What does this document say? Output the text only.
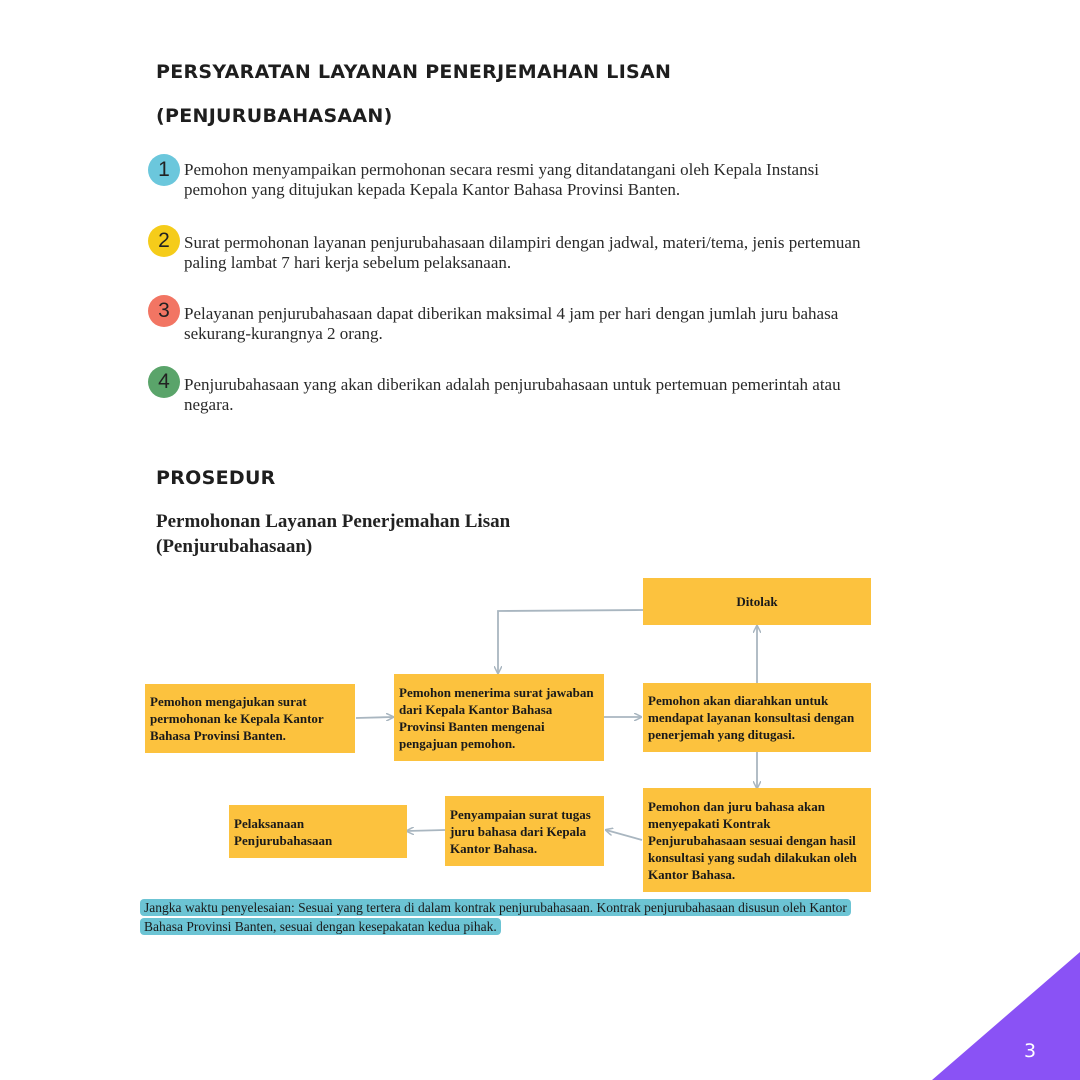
PERSYARATAN LAYANAN PENERJEMAHAN LISAN
(PENJURUBAHASAAN)
1 Pemohon menyampaikan permohonan secara resmi yang ditandatangani oleh Kepala Instansi pemohon yang ditujukan kepada Kepala Kantor Bahasa Provinsi Banten.
2 Surat permohonan layanan penjurubahasaan dilampiri dengan jadwal, materi/tema, jenis pertemuan paling lambat 7 hari kerja sebelum pelaksanaan.
3 Pelayanan penjurubahasaan dapat diberikan maksimal 4 jam per hari dengan jumlah juru bahasa sekurang-kurangnya 2 orang.
4 Penjurubahasaan yang akan diberikan adalah penjurubahasaan untuk pertemuan pemerintah atau negara.
PROSEDUR
Permohonan Layanan Penerjemahan Lisan (Penjurubahasaan)
Ditolak
Pemohon mengajukan surat permohonan ke Kepala Kantor Bahasa Provinsi Banten.
Pemohon menerima surat jawaban dari Kepala Kantor Bahasa Provinsi Banten mengenai pengajuan pemohon.
Pemohon akan diarahkan untuk mendapat layanan konsultasi dengan penerjemah yang ditugasi.
Pemohon dan juru bahasa akan menyepakati Kontrak Penjurubahasaan sesuai dengan hasil konsultasi yang sudah dilakukan oleh Kantor Bahasa.
Penyampaian surat tugas juru bahasa dari Kepala Kantor Bahasa.
Pelaksanaan Penjurubahasaan
Jangka waktu penyelesaian: Sesuai yang tertera di dalam kontrak penjurubahasaan. Kontrak penjurubahasaan disusun oleh Kantor Bahasa Provinsi Banten, sesuai dengan kesepakatan kedua pihak.
3
